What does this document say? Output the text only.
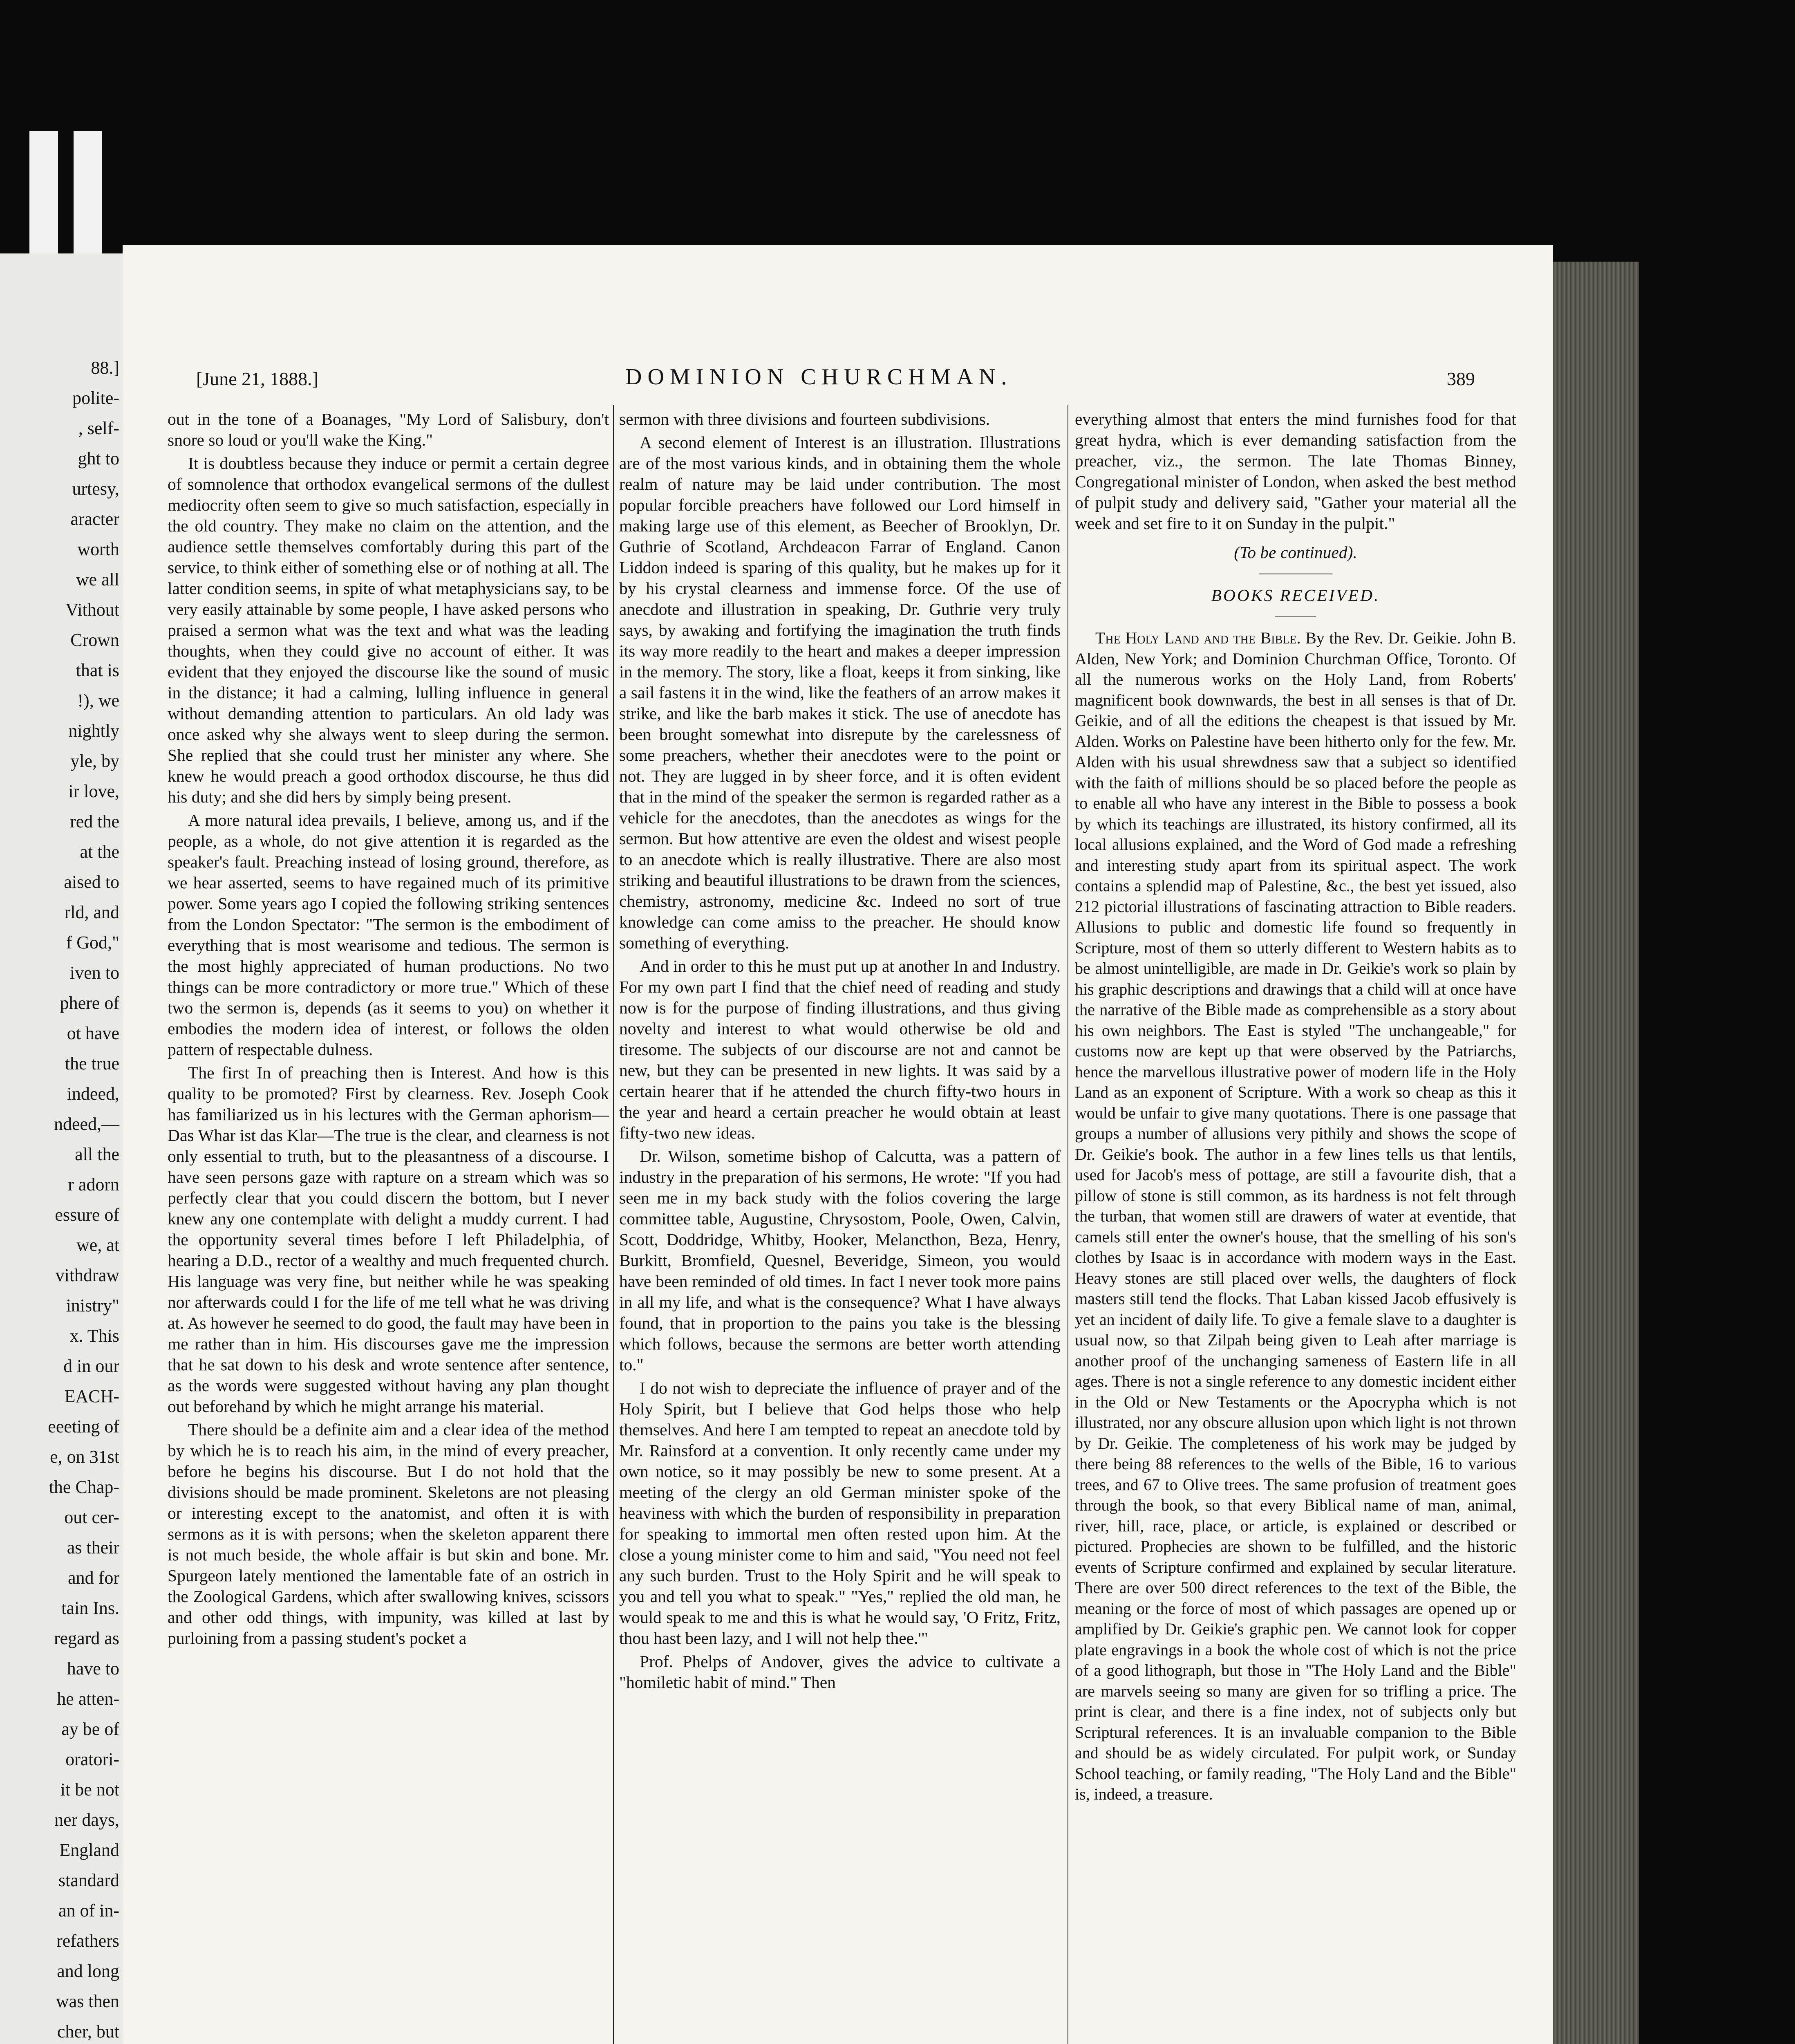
88.]
polite-
, self-
ght to
urtesy,
aracter
worth
we all
Vithout
Crown
that is
!), we
nightly
yle, by
ir love,
red the
at the
aised to
rld, and
f God,"
iven to
phere of
ot have
the true
indeed,
ndeed,—
all the
r adorn
essure of
we, at
vithdraw
inistry"
x. This
d in our
EACH-
eeeting of
e, on 31st
the Chap-
out cer-
as their
and for
tain Ins.
regard as
have to
he atten-
ay be of
oratori-
it be not
ner days,
England
standard
an of in-
refathers
and long
was then
cher, but
[June 21, 1888.]	DOMINION CHURCHMAN.	389

out in the tone of a Boanages, "My Lord of Salisbury, don't snore so loud or you'll wake the King."

It is doubtless because they induce or permit a certain degree of somnolence that orthodox evangelical sermons of the dullest mediocrity often seem to give so much satisfaction, especially in the old country. They make no claim on the attention, and the audience settle themselves comfortably during this part of the service, to think either of something else or of nothing at all. The latter condition seems, in spite of what metaphysicians say, to be very easily attainable by some people, I have asked persons who praised a sermon what was the text and what was the leading thoughts, when they could give no account of either. It was evident that they enjoyed the discourse like the sound of music in the distance; it had a calming, lulling influence in general without demanding attention to particulars. An old lady was once asked why she always went to sleep during the sermon. She replied that she could trust her minister any where. She knew he would preach a good orthodox discourse, he thus did his duty; and she did hers by simply being present.

A more natural idea prevails, I believe, among us, and if the people, as a whole, do not give attention it is regarded as the speaker's fault. Preaching instead of losing ground, therefore, as we hear asserted, seems to have regained much of its primitive power. Some years ago I copied the following striking sentences from the London Spectator: "The sermon is the embodiment of everything that is most wearisome and tedious. The sermon is the most highly appreciated of human productions. No two things can be more contradictory or more true." Which of these two the sermon is, depends (as it seems to you) on whether it embodies the modern idea of interest, or follows the olden pattern of respectable dulness.

The first In of preaching then is Interest. And how is this quality to be promoted? First by clearness. Rev. Joseph Cook has familiarized us in his lectures with the German aphorism—Das Whar ist das Klar—The true is the clear, and clearness is not only essential to truth, but to the pleasantness of a discourse. I have seen persons gaze with rapture on a stream which was so perfectly clear that you could discern the bottom, but I never knew any one contemplate with delight a muddy current. I had the opportunity several times before I left Philadelphia, of hearing a D.D., rector of a wealthy and much frequented church. His language was very fine, but neither while he was speaking nor afterwards could I for the life of me tell what he was driving at. As however he seemed to do good, the fault may have been in me rather than in him. His discourses gave me the impression that he sat down to his desk and wrote sentence after sentence, as the words were suggested without having any plan thought out beforehand by which he might arrange his material.

There should be a definite aim and a clear idea of the method by which he is to reach his aim, in the mind of every preacher, before he begins his discourse. But I do not hold that the divisions should be made prominent. Skeletons are not pleasing or interesting except to the anatomist, and often it is with sermons as it is with persons; when the skeleton apparent there is not much beside, the whole affair is but skin and bone. Mr. Spurgeon lately mentioned the lamentable fate of an ostrich in the Zoological Gardens, which after swallowing knives, scissors and other odd things, with impunity, was killed at last by purloining from a passing student's pocket a

sermon with three divisions and fourteen subdivisions.

A second element of Interest is an illustration. Illustrations are of the most various kinds, and in obtaining them the whole realm of nature may be laid under contribution. The most popular forcible preachers have followed our Lord himself in making large use of this element, as Beecher of Brooklyn, Dr. Guthrie of Scotland, Archdeacon Farrar of England. Canon Liddon indeed is sparing of this quality, but he makes up for it by his crystal clearness and immense force. Of the use of anecdote and illustration in speaking, Dr. Guthrie very truly says, by awaking and fortifying the imagination the truth finds its way more readily to the heart and makes a deeper impression in the memory. The story, like a float, keeps it from sinking, like a sail fastens it in the wind, like the feathers of an arrow makes it strike, and like the barb makes it stick. The use of anecdote has been brought somewhat into disrepute by the carelessness of some preachers, whether their anecdotes were to the point or not. They are lugged in by sheer force, and it is often evident that in the mind of the speaker the sermon is regarded rather as a vehicle for the anecdotes, than the anecdotes as wings for the sermon. But how attentive are even the oldest and wisest people to an anecdote which is really illustrative. There are also most striking and beautiful illustrations to be drawn from the sciences, chemistry, astronomy, medicine &c. Indeed no sort of true knowledge can come amiss to the preacher. He should know something of everything.

And in order to this he must put up at another In and Industry. For my own part I find that the chief need of reading and study now is for the purpose of finding illustrations, and thus giving novelty and interest to what would otherwise be old and tiresome. The subjects of our discourse are not and cannot be new, but they can be presented in new lights. It was said by a certain hearer that if he attended the church fifty-two hours in the year and heard a certain preacher he would obtain at least fifty-two new ideas.

Dr. Wilson, sometime bishop of Calcutta, was a pattern of industry in the preparation of his sermons, He wrote: "If you had seen me in my back study with the folios covering the large committee table, Augustine, Chrysostom, Poole, Owen, Calvin, Scott, Doddridge, Whitby, Hooker, Melancthon, Beza, Henry, Burkitt, Bromfield, Quesnel, Beveridge, Simeon, you would have been reminded of old times. In fact I never took more pains in all my life, and what is the consequence? What I have always found, that in proportion to the pains you take is the blessing which follows, because the sermons are better worth attending to."

I do not wish to depreciate the influence of prayer and of the Holy Spirit, but I believe that God helps those who help themselves. And here I am tempted to repeat an anecdote told by Mr. Rainsford at a convention. It only recently came under my own notice, so it may possibly be new to some present. At a meeting of the clergy an old German minister spoke of the heaviness with which the burden of responsibility in preparation for speaking to immortal men often rested upon him. At the close a young minister come to him and said, "You need not feel any such burden. Trust to the Holy Spirit and he will speak to you and tell you what to speak." "Yes," replied the old man, he would speak to me and this is what he would say, 'O Fritz, Fritz, thou hast been lazy, and I will not help thee.'"

Prof. Phelps of Andover, gives the advice to cultivate a "homiletic habit of mind." Then

everything almost that enters the mind furnishes food for that great hydra, which is ever demanding satisfaction from the preacher, viz., the sermon. The late Thomas Binney, Congregational minister of London, when asked the best method of pulpit study and delivery said, "Gather your material all the week and set fire to it on Sunday in the pulpit."

(To be continued).

BOOKS RECEIVED.

The Holy Land and the Bible. By the Rev. Dr. Geikie. John B. Alden, New York; and Dominion Churchman Office, Toronto. Of all the numerous works on the Holy Land, from Roberts' magnificent book downwards, the best in all senses is that of Dr. Geikie, and of all the editions the cheapest is that issued by Mr. Alden. Works on Palestine have been hitherto only for the few. Mr. Alden with his usual shrewdness saw that a subject so identified with the faith of millions should be so placed before the people as to enable all who have any interest in the Bible to possess a book by which its teachings are illustrated, its history confirmed, all its local allusions explained, and the Word of God made a refreshing and interesting study apart from its spiritual aspect. The work contains a splendid map of Palestine, &c., the best yet issued, also 212 pictorial illustrations of fascinating attraction to Bible readers. Allusions to public and domestic life found so frequently in Scripture, most of them so utterly different to Western habits as to be almost unintelligible, are made in Dr. Geikie's work so plain by his graphic descriptions and drawings that a child will at once have the narrative of the Bible made as comprehensible as a story about his own neighbors. The East is styled "The unchangeable," for customs now are kept up that were observed by the Patriarchs, hence the marvellous illustrative power of modern life in the Holy Land as an exponent of Scripture. With a work so cheap as this it would be unfair to give many quotations. There is one passage that groups a number of allusions very pithily and shows the scope of Dr. Geikie's book. The author in a few lines tells us that lentils, used for Jacob's mess of pottage, are still a favourite dish, that a pillow of stone is still common, as its hardness is not felt through the turban, that women still are drawers of water at eventide, that camels still enter the owner's house, that the smelling of his son's clothes by Isaac is in accordance with modern ways in the East. Heavy stones are still placed over wells, the daughters of flock masters still tend the flocks. That Laban kissed Jacob effusively is yet an incident of daily life. To give a female slave to a daughter is usual now, so that Zilpah being given to Leah after marriage is another proof of the unchanging sameness of Eastern life in all ages. There is not a single reference to any domestic incident either in the Old or New Testaments or the Apocrypha which is not illustrated, nor any obscure allusion upon which light is not thrown by Dr. Geikie. The completeness of his work may be judged by there being 88 references to the wells of the Bible, 16 to various trees, and 67 to Olive trees. The same profusion of treatment goes through the book, so that every Biblical name of man, animal, river, hill, race, place, or article, is explained or described or pictured. Prophecies are shown to be fulfilled, and the historic events of Scripture confirmed and explained by secular literature. There are over 500 direct references to the text of the Bible, the meaning or the force of most of which passages are opened up or amplified by Dr. Geikie's graphic pen. We cannot look for copper plate engravings in a book the whole cost of which is not the price of a good lithograph, but those in "The Holy Land and the Bible" are marvels seeing so many are given for so trifling a price. The print is clear, and there is a fine index, not of subjects only but Scriptural references. It is an invaluable companion to the Bible and should be as widely circulated. For pulpit work, or Sunday School teaching, or family reading, "The Holy Land and the Bible" is, indeed, a treasure.
